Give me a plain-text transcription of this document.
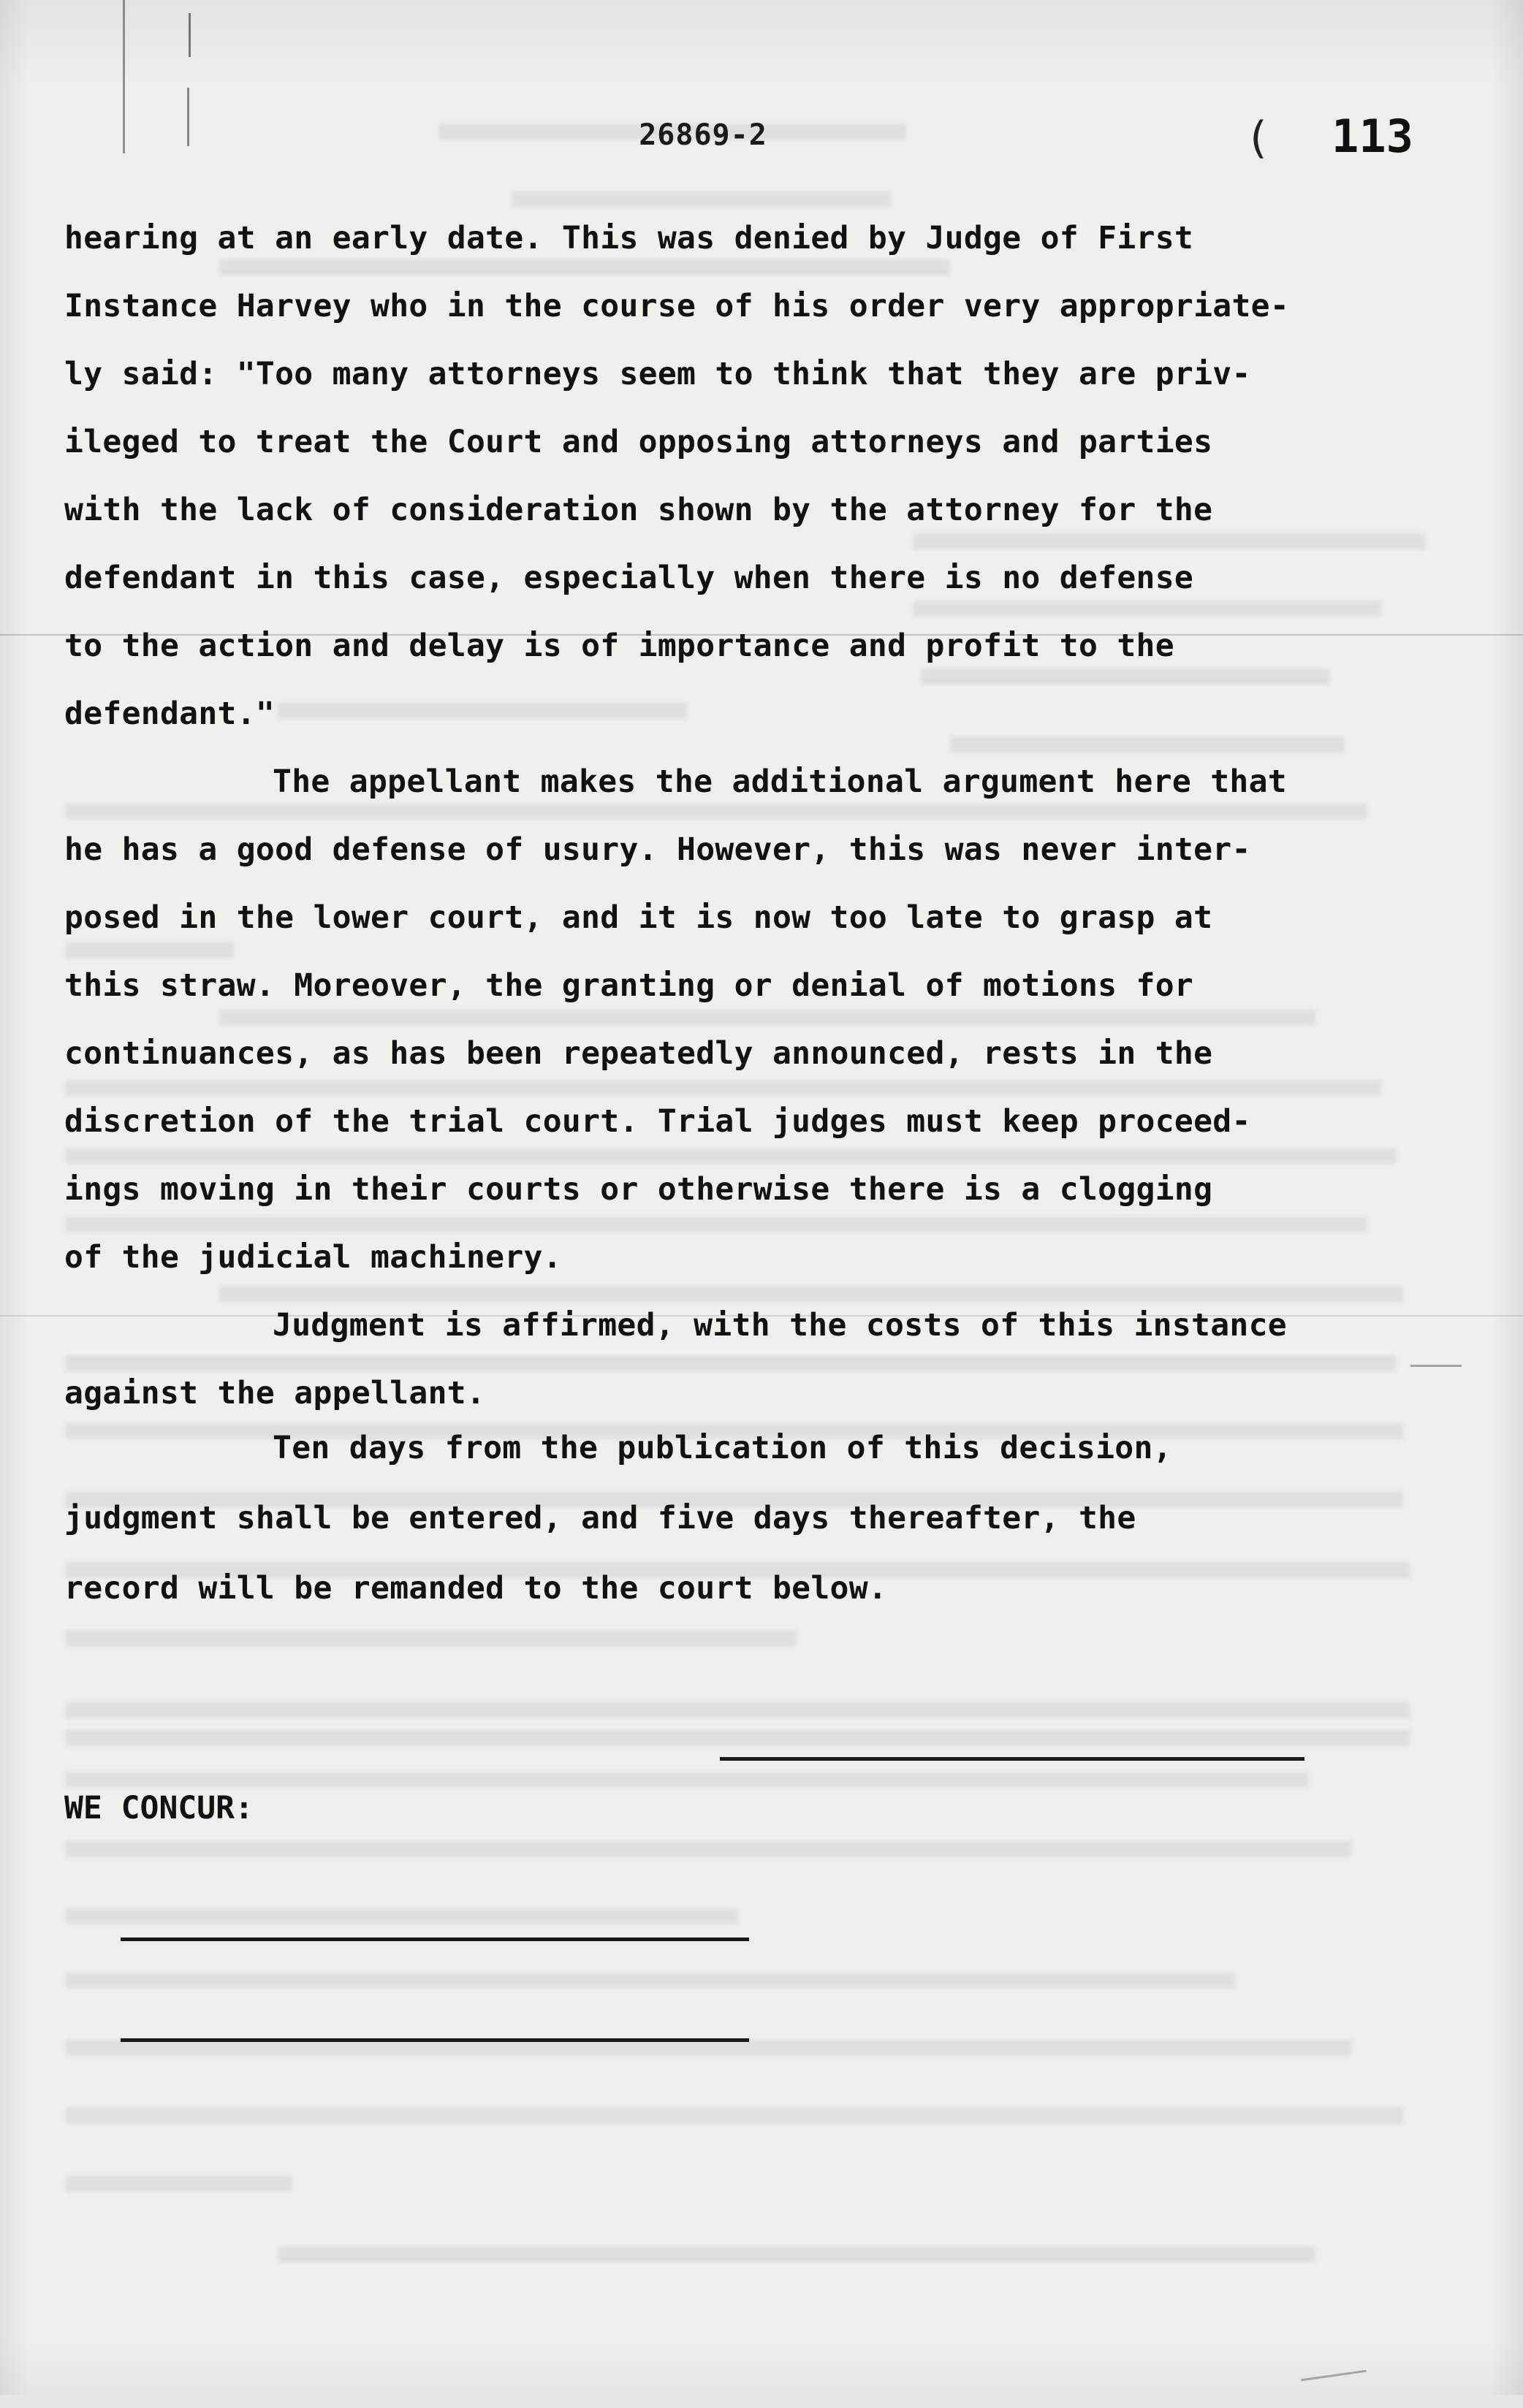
26869-2	( 113
hearing at an early date. This was denied by Judge of First
Instance Harvey who in the course of his order very appropriate-
ly said: "Too many attorneys seem to think that they are priv-
ileged to treat the Court and opposing attorneys and parties
with the lack of consideration shown by the attorney for the
defendant in this case, especially when there is no defense
to the action and delay is of importance and profit to the
defendant."
The appellant makes the additional argument here that
he has a good defense of usury. However, this was never inter-
posed in the lower court, and it is now too late to grasp at
this straw. Moreover, the granting or denial of motions for
continuances, as has been repeatedly announced, rests in the
discretion of the trial court. Trial judges must keep proceed-
ings moving in their courts or otherwise there is a clogging
of the judicial machinery.
Judgment is affirmed, with the costs of this instance
against the appellant.
Ten days from the publication of this decision,
judgment shall be entered, and five days thereafter, the
record will be remanded to the court below.
WE CONCUR:
